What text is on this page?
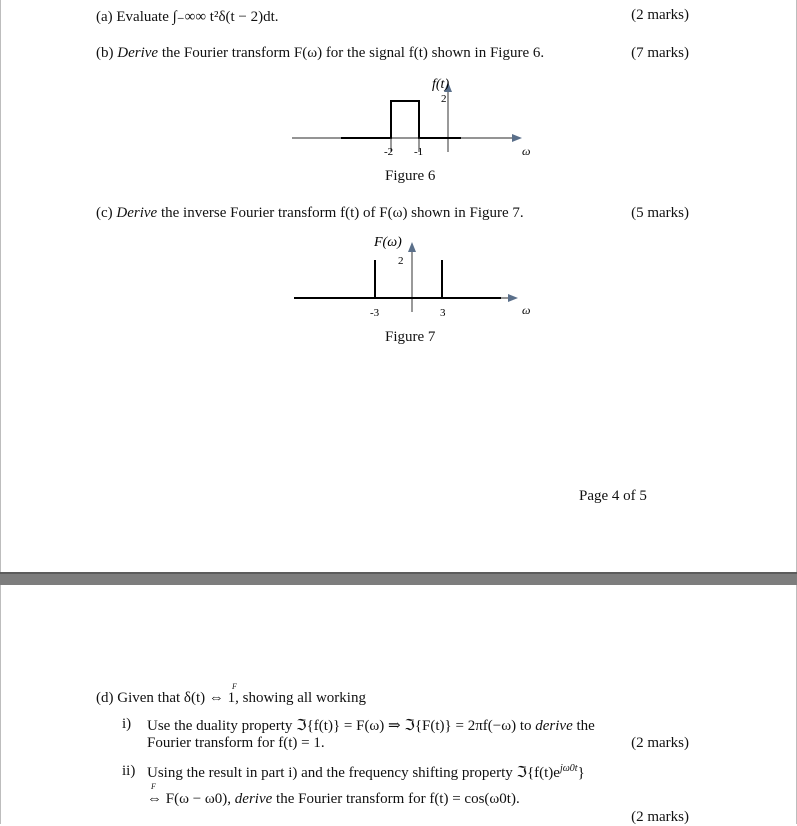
(a) Evaluate ∫₋∞∞ t²δ(t − 2)dt.	(2 marks)
(b) Derive the Fourier transform F(ω) for the signal f(t) shown in Figure 6.	(7 marks)
f(t)
2
-2 -1	ω
Figure 6
(c) Derive the inverse Fourier transform f(t) of F(ω) shown in Figure 7.	(5 marks)
F(ω)
2
-3	3	ω
Figure 7
Page 4 of 5
(d) Given that δ(t) ⇔ 1, showing all working
F
i) Use the duality property ℑ{f(t)} = F(ω) ⇒ ℑ{F(t)} = 2πf(−ω) to derive the
Fourier transform for f(t) = 1.	(2 marks)
ii) Using the result in part i) and the frequency shifting property $ℑ\{f(t)e^{j\omega 0t}\}$
F
⇔ F(ω − ω0), derive the Fourier transform for f(t) = cos(ω0t).
(2 marks)
